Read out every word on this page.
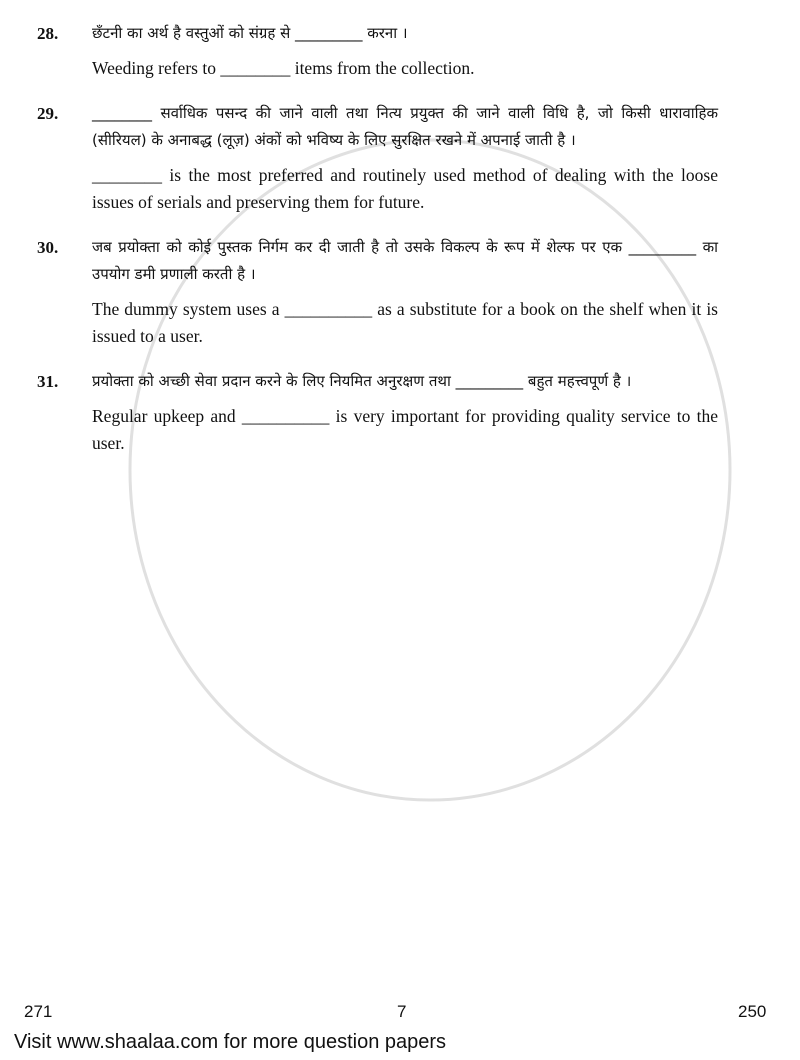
28. छँटनी का अर्थ है वस्तुओं को संग्रह से _________ करना ।
Weeding refers to ________ items from the collection.
29. ________ सर्वाधिक पसन्द की जाने वाली तथा नित्य प्रयुक्त की जाने वाली विधि है, जो किसी धारावाहिक (सीरियल) के अनाबद्ध (लूज़) अंकों को भविष्य के लिए सुरक्षित रखने में अपनाई जाती है ।
________ is the most preferred and routinely used method of dealing with the loose issues of serials and preserving them for future.
30. जब प्रयोक्ता को कोई पुस्तक निर्गम कर दी जाती है तो उसके विकल्प के रूप में शेल्फ पर एक _________ का उपयोग डमी प्रणाली करती है ।
The dummy system uses a __________ as a substitute for a book on the shelf when it is issued to a user.
31. प्रयोक्ता को अच्छी सेवा प्रदान करने के लिए नियमित अनुरक्षण तथा _________ बहुत महत्त्वपूर्ण है ।
Regular upkeep and __________ is very important for providing quality service to the user.
271	7	250
Visit www.shaalaa.com for more question papers
